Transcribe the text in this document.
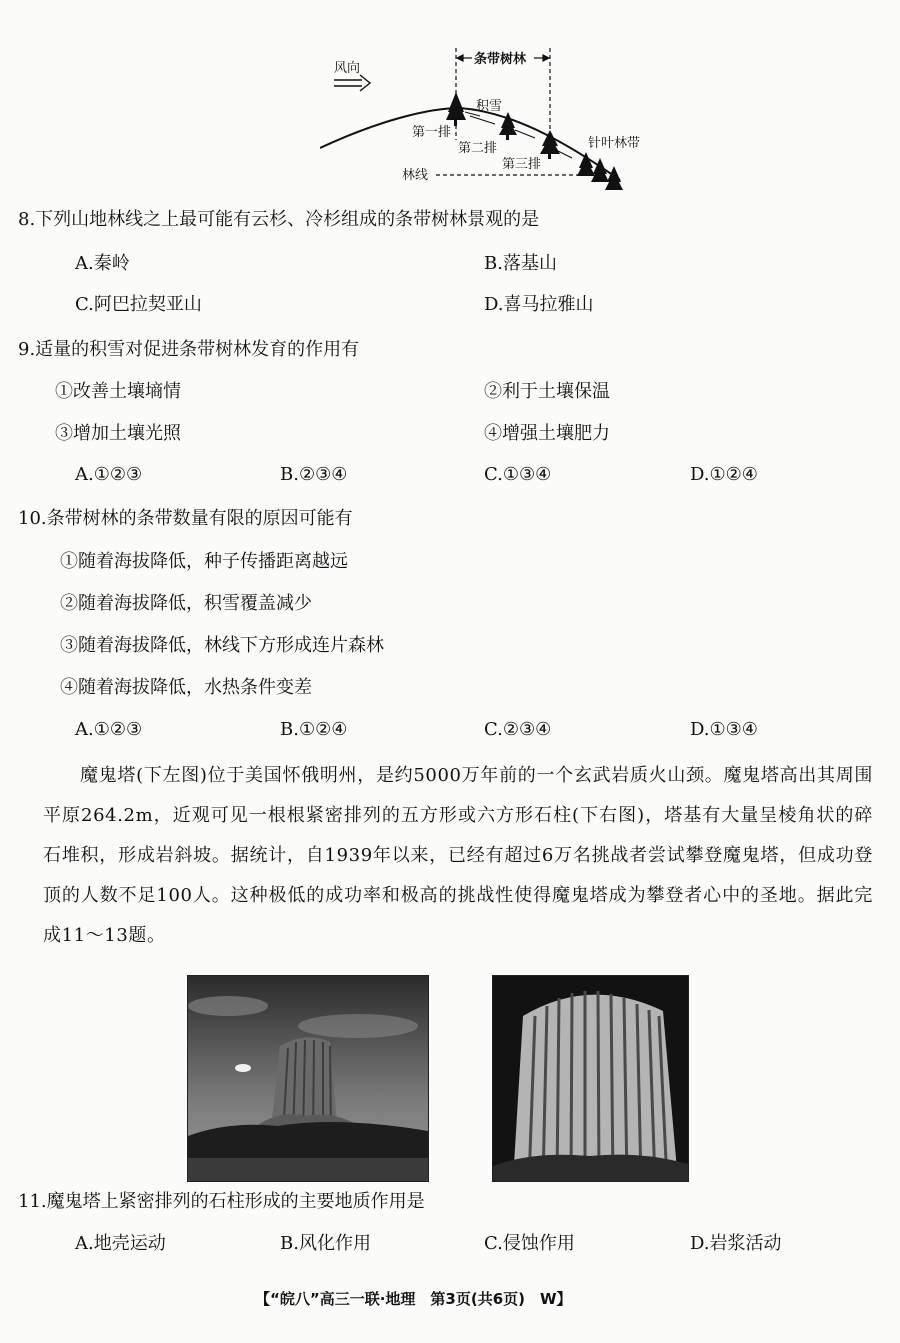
风向
条带树林
积雪
第一排
第二排
第三排
林线
针叶林带
8.下列山地林线之上最可能有云杉、冷杉组成的条带树林景观的是
A.秦岭	B.落基山
C.阿巴拉契亚山	D.喜马拉雅山
9.适量的积雪对促进条带树林发育的作用有
①改善土壤墒情	②利于土壤保温
③增加土壤光照	④增强土壤肥力
A.①②③	B.②③④	C.①③④	D.①②④
10.条带树林的条带数量有限的原因可能有
①随着海拔降低，种子传播距离越远
②随着海拔降低，积雪覆盖减少
③随着海拔降低，林线下方形成连片森林
④随着海拔降低，水热条件变差
A.①②③	B.①②④	C.②③④	D.①③④
魔鬼塔(下左图)位于美国怀俄明州，是约5000万年前的一个玄武岩质火山颈。魔鬼塔高出其周围平原264.2m，近观可见一根根紧密排列的五方形或六方形石柱(下右图)，塔基有大量呈棱角状的碎石堆积，形成岩斜坡。据统计，自1939年以来，已经有超过6万名挑战者尝试攀登魔鬼塔，但成功登顶的人数不足100人。这种极低的成功率和极高的挑战性使得魔鬼塔成为攀登者心中的圣地。据此完成11～13题。
11.魔鬼塔上紧密排列的石柱形成的主要地质作用是
A.地壳运动	B.风化作用	C.侵蚀作用	D.岩浆活动
【“皖八”高三一联·地理　第3页(共6页)　W】
